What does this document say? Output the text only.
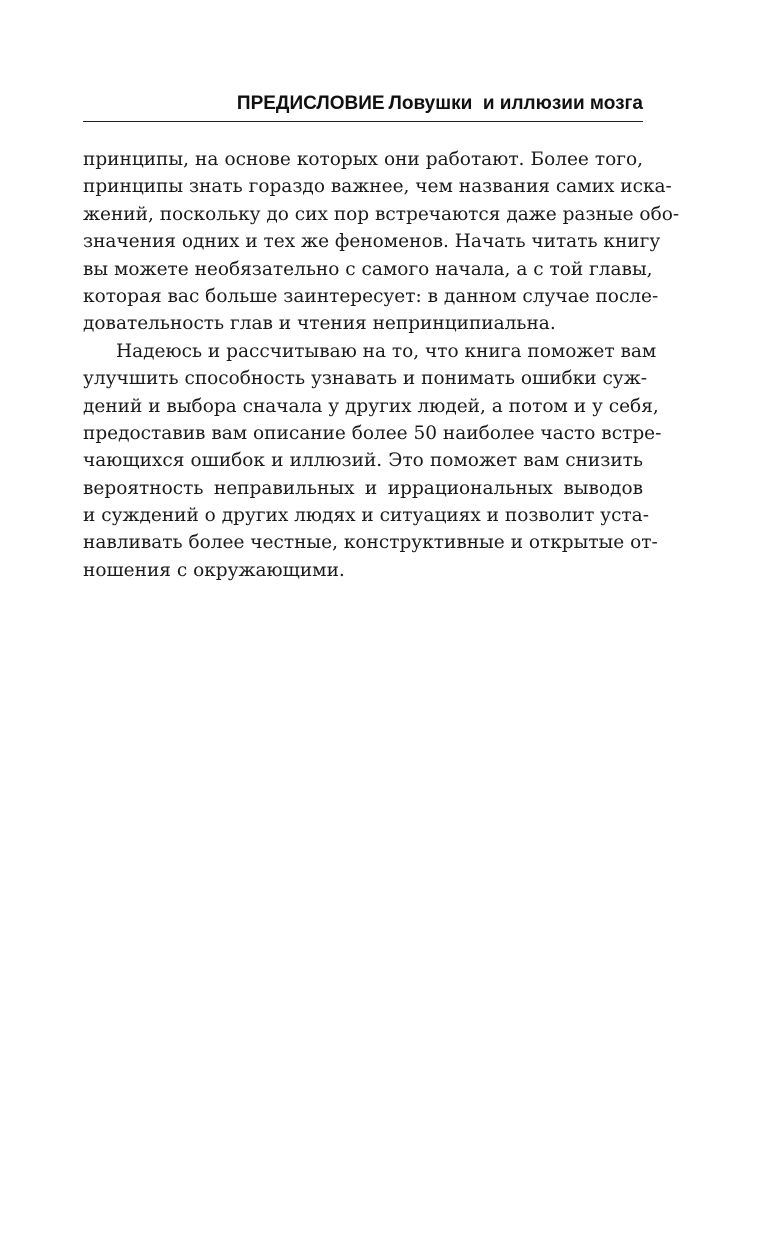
ПРЕДИСЛОВИЕ Ловушки  и иллюзии мозга
принципы, на основе которых они работают. Более того,
принципы знать гораздо важнее, чем названия самих иска-
жений, поскольку до сих пор встречаются даже разные обо-
значения одних и тех же феноменов. Начать читать книгу
вы можете необязательно с самого начала, а с той главы,
которая вас больше заинтересует: в данном случае после-
довательность глав и чтения непринципиальна.
Надеюсь и рассчитываю на то, что книга поможет вам
улучшить способность узнавать и понимать ошибки суж-
дений и выбора сначала у других людей, а потом и у себя,
предоставив вам описание более 50 наиболее часто встре-
чающихся ошибок и иллюзий. Это поможет вам снизить
вероятность неправильных и иррациональных выводов
и суждений о других людях и ситуациях и позволит уста-
навливать более честные, конструктивные и открытые от-
ношения с окружающими.
